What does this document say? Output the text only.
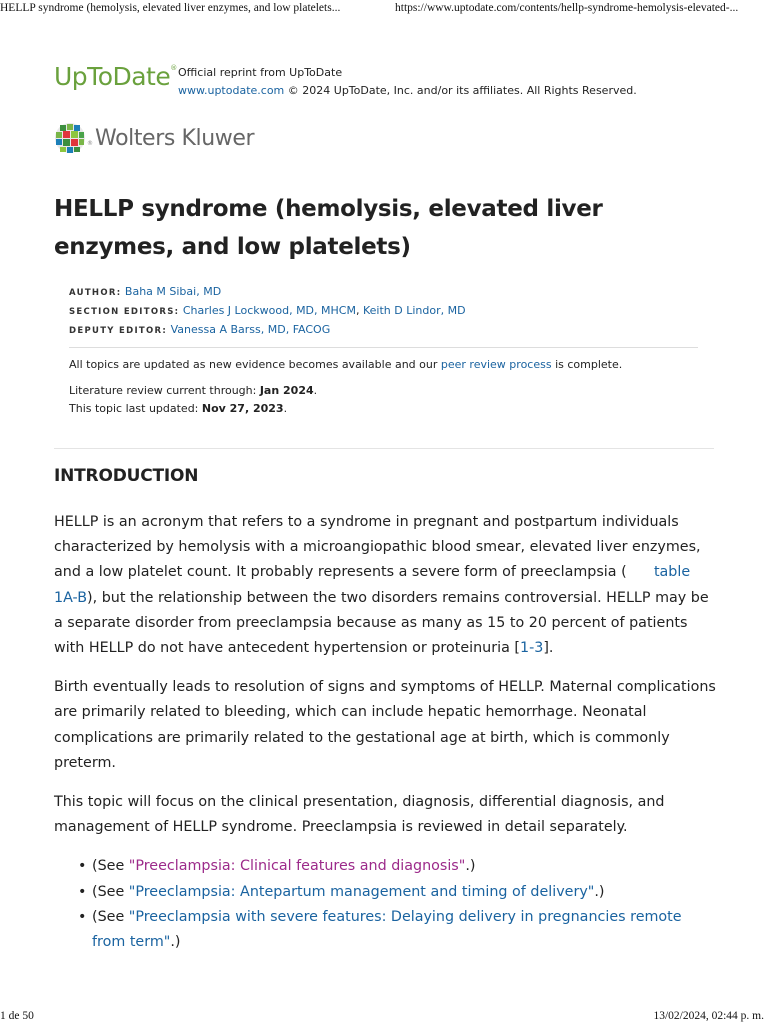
HELLP syndrome (hemolysis, elevated liver enzymes, and low platelets...	https://www.uptodate.com/contents/hellp-syndrome-hemolysis-elevated-...
UpToDate® Official reprint from UpToDate
www.uptodate.com © 2024 UpToDate, Inc. and/or its affiliates. All Rights Reserved.
® Wolters Kluwer
HELLP syndrome (hemolysis, elevated liver enzymes, and low platelets)

AUTHOR: Baha M Sibai, MD

SECTION EDITORS: Charles J Lockwood, MD, MHCM, Keith D Lindor, MD

DEPUTY EDITOR: Vanessa A Barss, MD, FACOG

All topics are updated as new evidence becomes available and our peer review process is complete.

Literature review current through: Jan 2024.

This topic last updated: Nov 27, 2023.

INTRODUCTION

HELLP is an acronym that refers to a syndrome in pregnant and postpartum individuals characterized by hemolysis with a microangiopathic blood smear, elevated liver enzymes, and a low platelet count. It probably represents a severe form of preeclampsia ( table 1A-B), but the relationship between the two disorders remains controversial. HELLP may be a separate disorder from preeclampsia because as many as 15 to 20 percent of patients with HELLP do not have antecedent hypertension or proteinuria [1-3].

Birth eventually leads to resolution of signs and symptoms of HELLP. Maternal complications are primarily related to bleeding, which can include hepatic hemorrhage. Neonatal complications are primarily related to the gestational age at birth, which is commonly preterm.

This topic will focus on the clinical presentation, diagnosis, differential diagnosis, and management of HELLP syndrome. Preeclampsia is reviewed in detail separately.

• (See "Preeclampsia: Clinical features and diagnosis".)
• (See "Preeclampsia: Antepartum management and timing of delivery".)
• (See "Preeclampsia with severe features: Delaying delivery in pregnancies remote from term".)
1 de 50	13/02/2024, 02:44 p. m.
